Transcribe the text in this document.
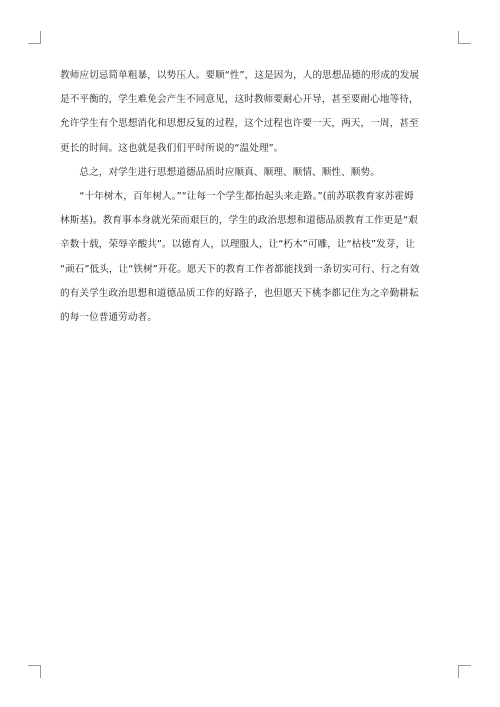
教师应切忌简单粗暴，以势压人。要顺“性”，这是因为，人的思想品德的形成的发展
是不平衡的，学生难免会产生不同意见，这时教师要耐心开导，甚至要耐心地等待，
允许学生有个思想消化和思想反复的过程，这个过程也许要一天，两天，一周，甚至
更长的时间。这也就是我们们平时所说的“温处理”。
　　总之，对学生进行思想道德品质时应顺真、顺理、顺情、顺性、顺势。
　　“十年树木，百年树人。”“让每一个学生都抬起头来走路。”(前苏联教育家苏霍姆
林斯基)。教育事本身就光荣而艰巨的，学生的政治思想和道德品质教育工作更是“艰
辛数十载，荣辱辛酸共”。以德育人，以理服人，让“朽木”可雕，让“枯枝”发芽，让
“顽石”低头，让“铁树”开花。愿天下的教育工作者都能找到一条切实可行、行之有效
的有关学生政治思想和道德品质工作的好路子，也但愿天下桃李都记住为之辛勤耕耘
的每一位普通劳动者。
